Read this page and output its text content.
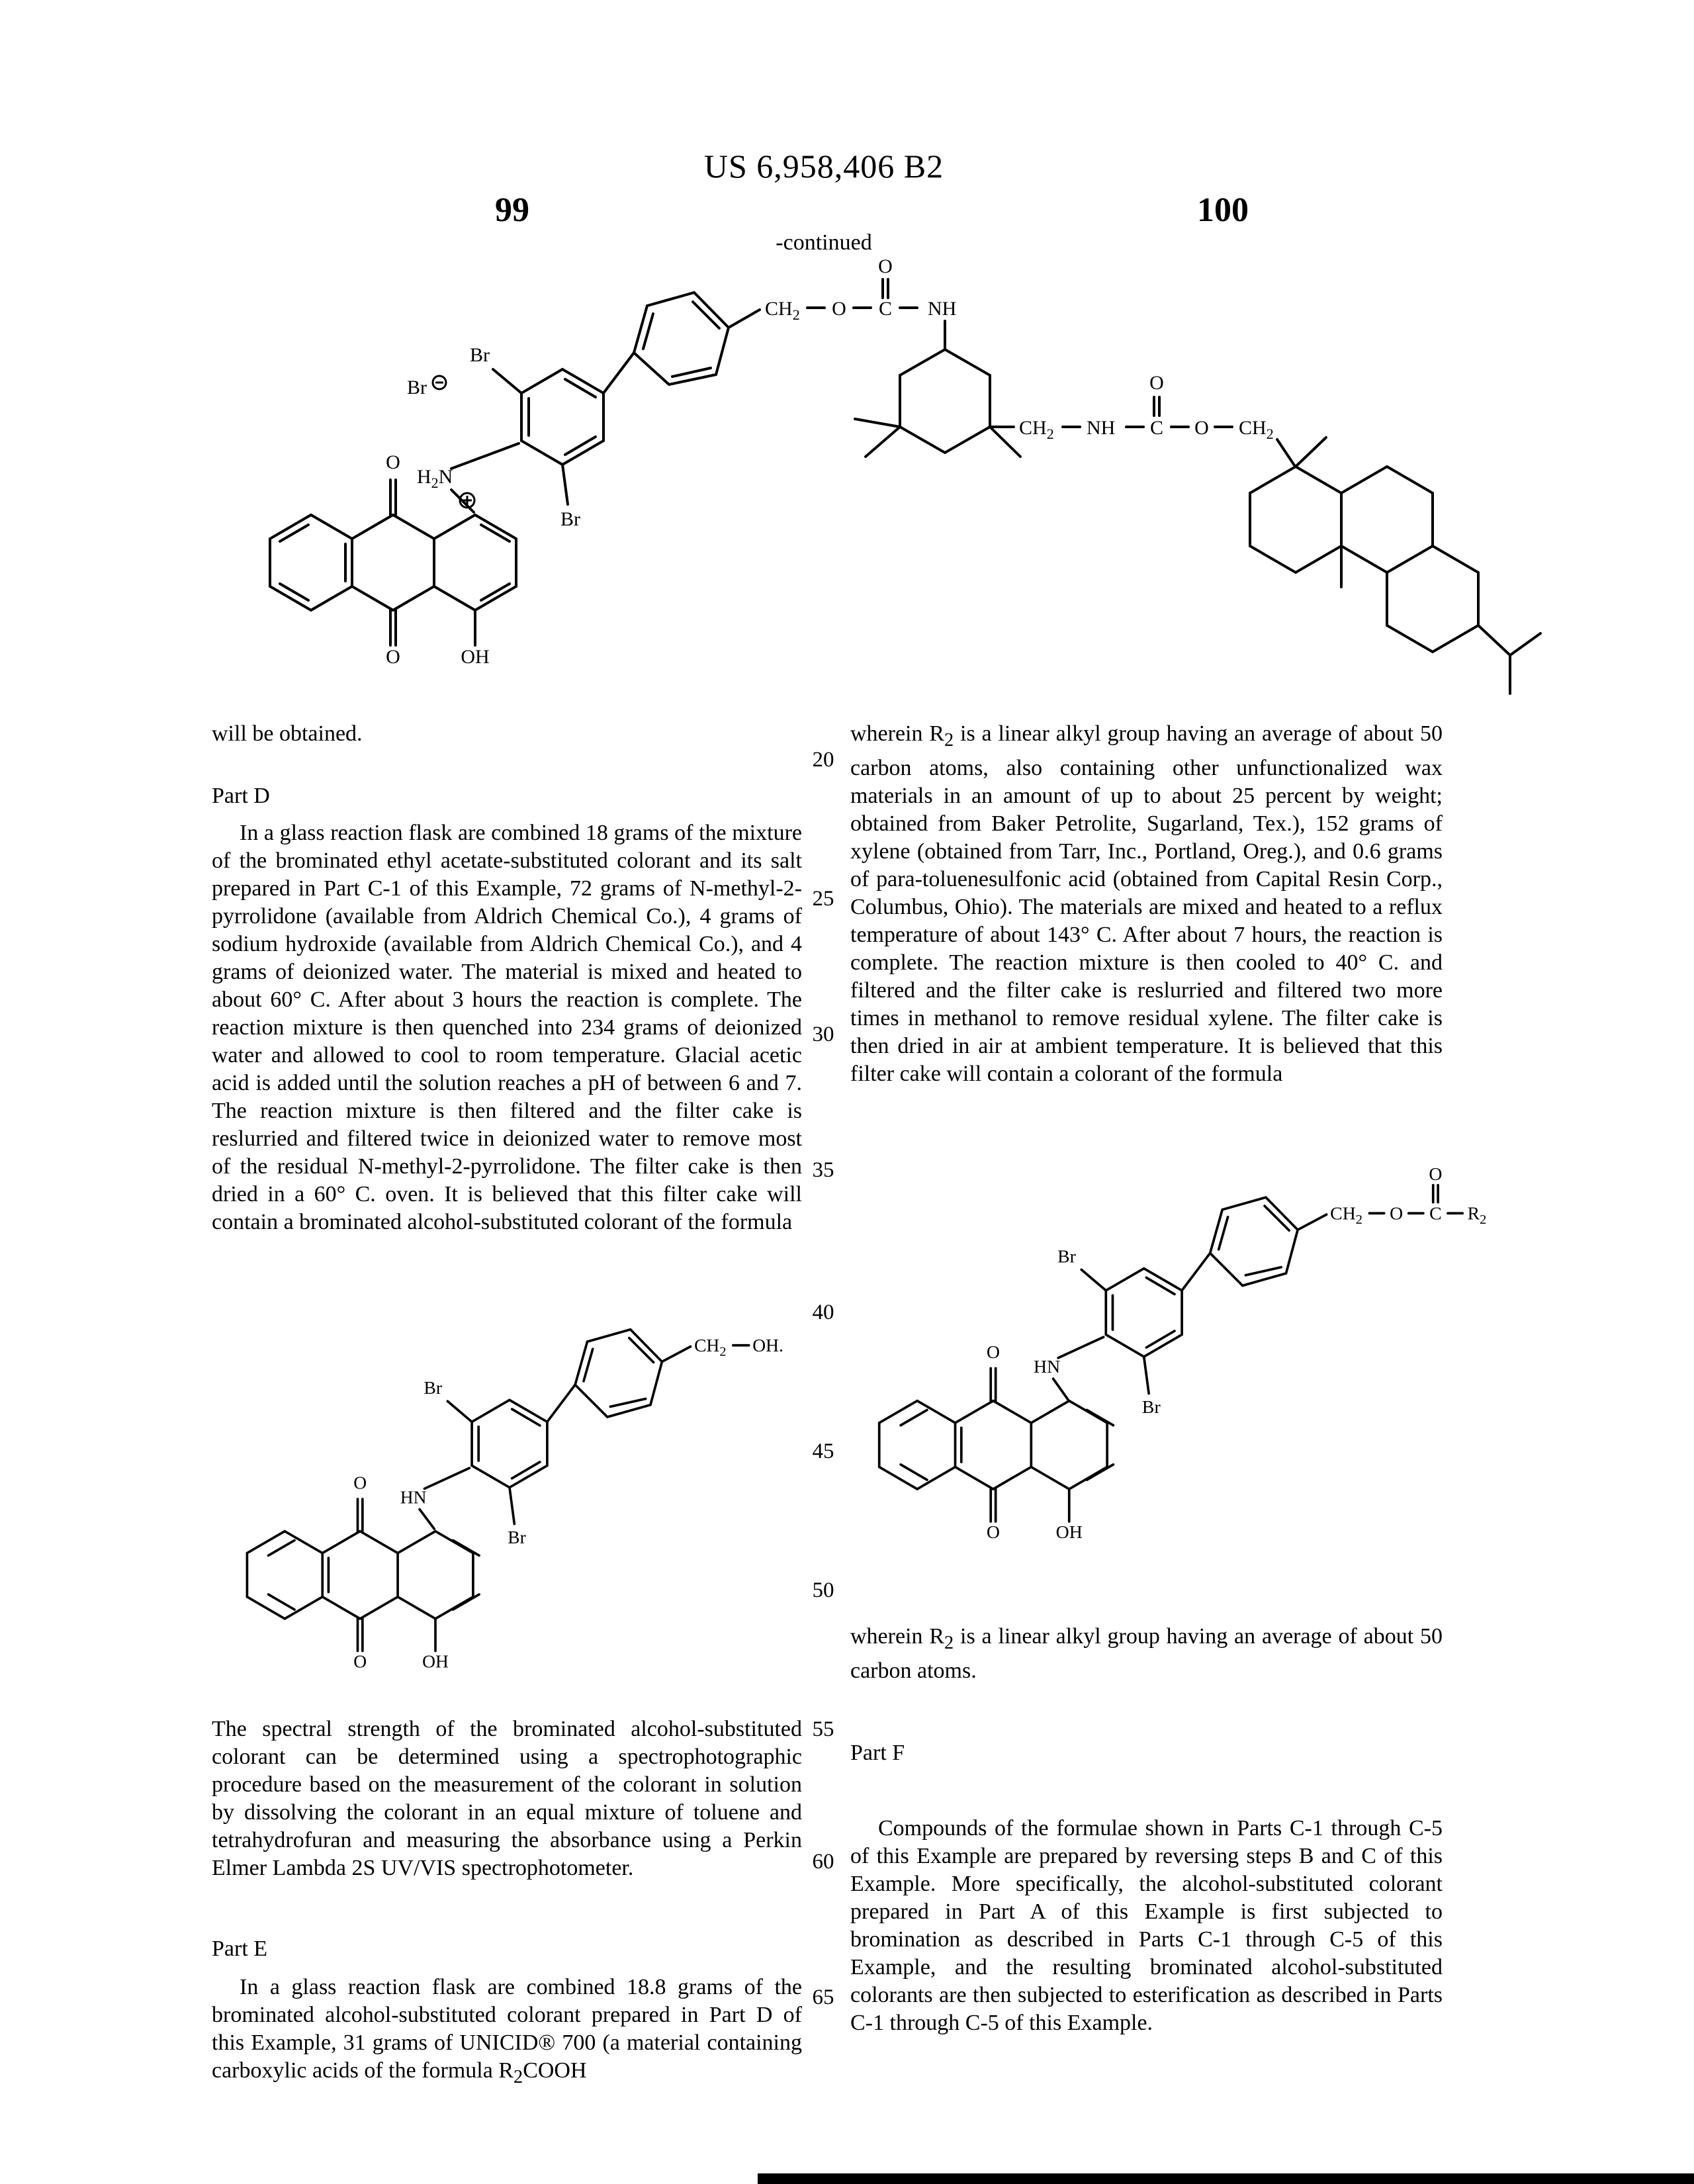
US 6,958,406 B2
99	100
-continued
20
25
30
35
40
45
50
55
60
65
O
O	OH
$H_2N$
Br
Br
Br
$CH_2$ O C
O
NH
$CH_2$ NH C
O
O $CH_2$
will be obtained.
Part D
In a glass reaction flask are combined 18 grams of the mixture of the brominated ethyl acetate-substituted colorant and its salt prepared in Part C-1 of this Example, 72 grams of N-methyl-2-pyrrolidone (available from Aldrich Chemical Co.), 4 grams of sodium hydroxide (available from Aldrich Chemical Co.), and 4 grams of deionized water. The material is mixed and heated to about 60° C. After about 3 hours the reaction is complete. The reaction mixture is then quenched into 234 grams of deionized water and allowed to cool to room temperature. Glacial acetic acid is added until the solution reaches a pH of between 6 and 7. The reaction mixture is then filtered and the filter cake is reslurried and filtered twice in deionized water to remove most of the residual N-methyl-2-pyrrolidone. The filter cake is then dried in a 60° C. oven. It is believed that this filter cake will contain a brominated alcohol-substituted colorant of the formula
O
O	OH
HN
Br
Br
$CH_2$ OH.
The spectral strength of the brominated alcohol-substituted colorant can be determined using a spectrophotographic procedure based on the measurement of the colorant in solution by dissolving the colorant in an equal mixture of toluene and tetrahydrofuran and measuring the absorbance using a Perkin Elmer Lambda 2S UV/VIS spectrophotometer.
Part E
In a glass reaction flask are combined 18.8 grams of the brominated alcohol-substituted colorant prepared in Part D of this Example, 31 grams of UNICID® 700 (a material containing carboxylic acids of the formula $R_2COOH$
wherein $R_2$ is a linear alkyl group having an average of about 50 carbon atoms, also containing other unfunctionalized wax materials in an amount of up to about 25 percent by weight; obtained from Baker Petrolite, Sugarland, Tex.), 152 grams of xylene (obtained from Tarr, Inc., Portland, Oreg.), and 0.6 grams of para-toluenesulfonic acid (obtained from Capital Resin Corp., Columbus, Ohio). The materials are mixed and heated to a reflux temperature of about 143° C. After about 7 hours, the reaction is complete. The reaction mixture is then cooled to 40° C. and filtered and the filter cake is reslurried and filtered two more times in methanol to remove residual xylene. The filter cake is then dried in air at ambient temperature. It is believed that this filter cake will contain a colorant of the formula
O
O	OH
HN
Br
Br
$CH_2$ O C
O
$R_2$
wherein $R_2$ is a linear alkyl group having an average of about 50 carbon atoms.
Part F
Compounds of the formulae shown in Parts C-1 through C-5 of this Example are prepared by reversing steps B and C of this Example. More specifically, the alcohol-substituted colorant prepared in Part A of this Example is first subjected to bromination as described in Parts C-1 through C-5 of this Example, and the resulting brominated alcohol-substituted colorants are then subjected to esterification as described in Parts C-1 through C-5 of this Example.
